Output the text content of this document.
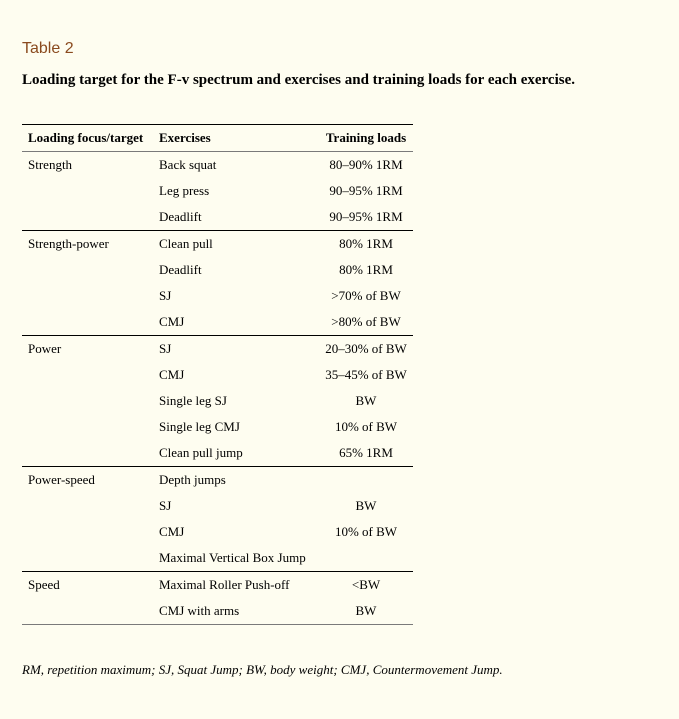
Table 2
Loading target for the F-v spectrum and exercises and training loads for each exercise.
Loading focus/target	Exercises	Training loads
Strength	Back squat	80–90% 1RM
	Leg press	90–95% 1RM
	Deadlift	90–95% 1RM
Strength-power	Clean pull	80% 1RM
	Deadlift	80% 1RM
	SJ	>70% of BW
	CMJ	>80% of BW
Power	SJ	20–30% of BW
	CMJ	35–45% of BW
	Single leg SJ	BW
	Single leg CMJ	10% of BW
	Clean pull jump	65% 1RM
Power-speed	Depth jumps	
	SJ	BW
	CMJ	10% of BW
	Maximal Vertical Box Jump	
Speed	Maximal Roller Push-off	<BW
	CMJ with arms	BW
RM, repetition maximum; SJ, Squat Jump; BW, body weight; CMJ, Countermovement Jump.
